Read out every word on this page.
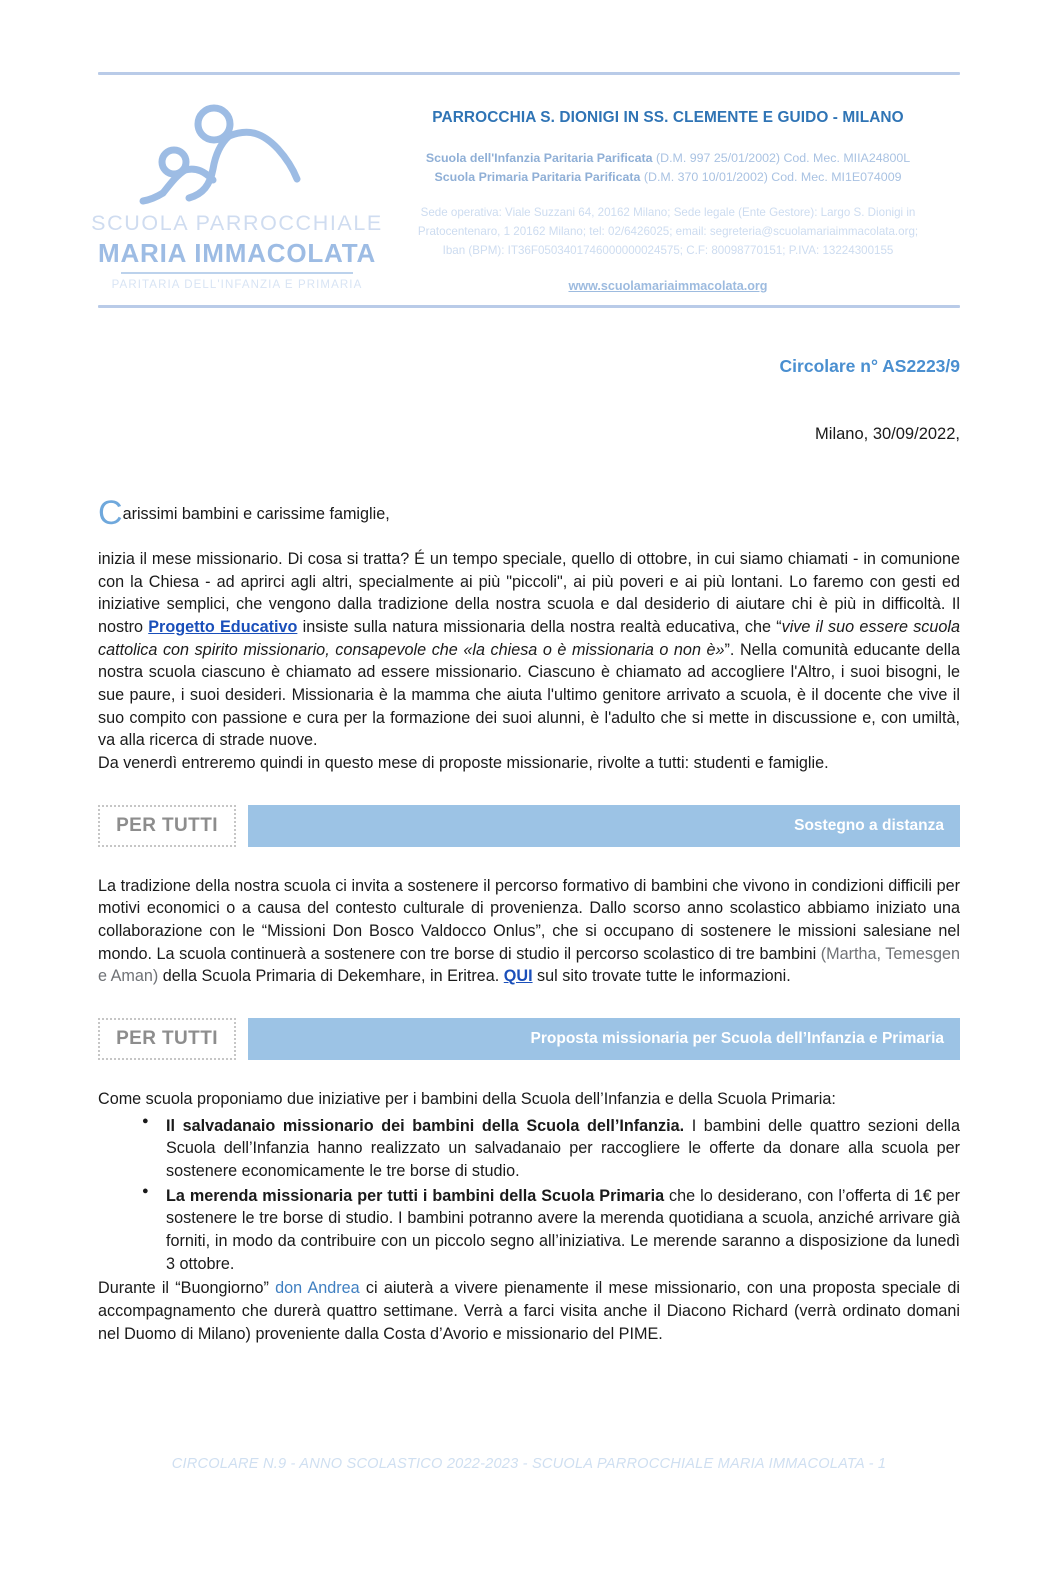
SCUOLA PARROCCHIALE
MARIA IMMACOLATA
PARITARIA DELL'INFANZIA E PRIMARIA
PARROCCHIA S. DIONIGI IN SS. CLEMENTE E GUIDO - MILANO
Scuola dell'Infanzia Paritaria Parificata (D.M. 997 25/01/2002) Cod. Mec. MIIA24800L
Scuola Primaria Paritaria Parificata (D.M. 370 10/01/2002) Cod. Mec. MI1E074009
Sede operativa: Viale Suzzani 64, 20162 Milano; Sede legale (Ente Gestore): Largo S. Dionigi in
Pratocentenaro, 1 20162 Milano; tel: 02/6426025; email: segreteria@scuolamariaimmacolata.org;
Iban (BPM): IT36F0503401746000000024575; C.F: 80098770151; P.IVA: 13224300155
www.scuolamariaimmacolata.org
Circolare n° AS2223/9
Milano, 30/09/2022,

Carissimi bambini e carissime famiglie,

inizia il mese missionario. Di cosa si tratta? É un tempo speciale, quello di ottobre, in cui siamo chiamati - in comunione con la Chiesa - ad aprirci agli altri, specialmente ai più "piccoli", ai più poveri e ai più lontani. Lo faremo con gesti ed iniziative semplici, che vengono dalla tradizione della nostra scuola e dal desiderio di aiutare chi è più in difficoltà. Il nostro Progetto Educativo insiste sulla natura missionaria della nostra realtà educativa, che “vive il suo essere scuola cattolica con spirito missionario, consapevole che «la chiesa o è missionaria o non è»”. Nella comunità educante della nostra scuola ciascuno è chiamato ad essere missionario. Ciascuno è chiamato ad accogliere l'Altro, i suoi bisogni, le sue paure, i suoi desideri. Missionaria è la mamma che aiuta l'ultimo genitore arrivato a scuola, è il docente che vive il suo compito con passione e cura per la formazione dei suoi alunni, è l'adulto che si mette in discussione e, con umiltà, va alla ricerca di strade nuove.

Da venerdì entreremo quindi in questo mese di proposte missionarie, rivolte a tutti: studenti e famiglie.

PER TUTTI	Sostegno a distanza

La tradizione della nostra scuola ci invita a sostenere il percorso formativo di bambini che vivono in condizioni difficili per motivi economici o a causa del contesto culturale di provenienza. Dallo scorso anno scolastico abbiamo iniziato una collaborazione con le “Missioni Don Bosco Valdocco Onlus”, che si occupano di sostenere le missioni salesiane nel mondo. La scuola continuerà a sostenere con tre borse di studio il percorso scolastico di tre bambini (Martha, Temesgen e Aman) della Scuola Primaria di Dekemhare, in Eritrea. QUI sul sito trovate tutte le informazioni.

PER TUTTI	Proposta missionaria per Scuola dell’Infanzia e Primaria

Come scuola proponiamo due iniziative per i bambini della Scuola dell’Infanzia e della Scuola Primaria:

● Il salvadanaio missionario dei bambini della Scuola dell’Infanzia. I bambini delle quattro sezioni della Scuola dell’Infanzia hanno realizzato un salvadanaio per raccogliere le offerte da donare alla scuola per sostenere economicamente le tre borse di studio.
● La merenda missionaria per tutti i bambini della Scuola Primaria che lo desiderano, con l’offerta di 1€ per sostenere le tre borse di studio. I bambini potranno avere la merenda quotidiana a scuola, anziché arrivare già forniti, in modo da contribuire con un piccolo segno all’iniziativa. Le merende saranno a disposizione da lunedì 3 ottobre.

Durante il “Buongiorno” don Andrea ci aiuterà a vivere pienamente il mese missionario, con una proposta speciale di accompagnamento che durerà quattro settimane. Verrà a farci visita anche il Diacono Richard (verrà ordinato domani nel Duomo di Milano) proveniente dalla Costa d’Avorio e missionario del PIME.

CIRCOLARE N.9 - ANNO SCOLASTICO 2022-2023 - SCUOLA PARROCCHIALE MARIA IMMACOLATA - 1
